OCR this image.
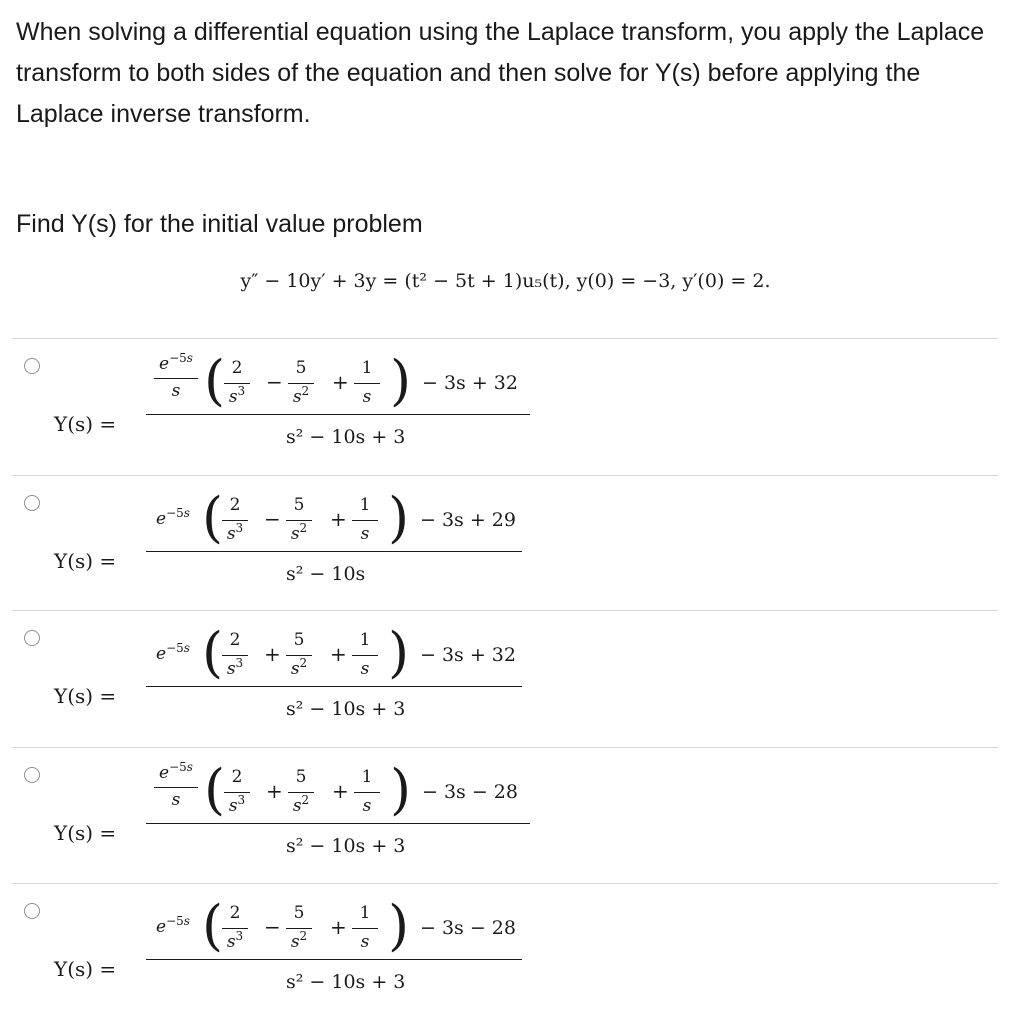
When solving a differential equation using the Laplace transform, you apply the Laplace transform to both sides of the equation and then solve for Y(s) before applying the Laplace inverse transform.

Find Y(s) for the initial value problem

y″ − 10y′ + 3y = (t² − 5t + 1)u₅(t), y(0) = −3, y′(0) = 2.
Y(s) =
$e^{-5s}$
s ( 2
$s^3$
5
$s^2$
1
s
− + ) − 3s + 32
s² − 10s + 3
Y(s) =
$e^{-5s}$ ( 2
$s^3$
5
$s^2$
1
s
− + ) − 3s + 29
s² − 10s
Y(s) =
$e^{-5s}$ ( 2
$s^3$
5
$s^2$
1
s
+ + ) − 3s + 32
s² − 10s + 3
Y(s) =
$e^{-5s}$
s ( 2
$s^3$
5
$s^2$
1
s
+ + ) − 3s − 28
s² − 10s + 3
Y(s) =
$e^{-5s}$ ( 2
$s^3$
5
$s^2$
1
s
− + ) − 3s − 28
s² − 10s + 3
